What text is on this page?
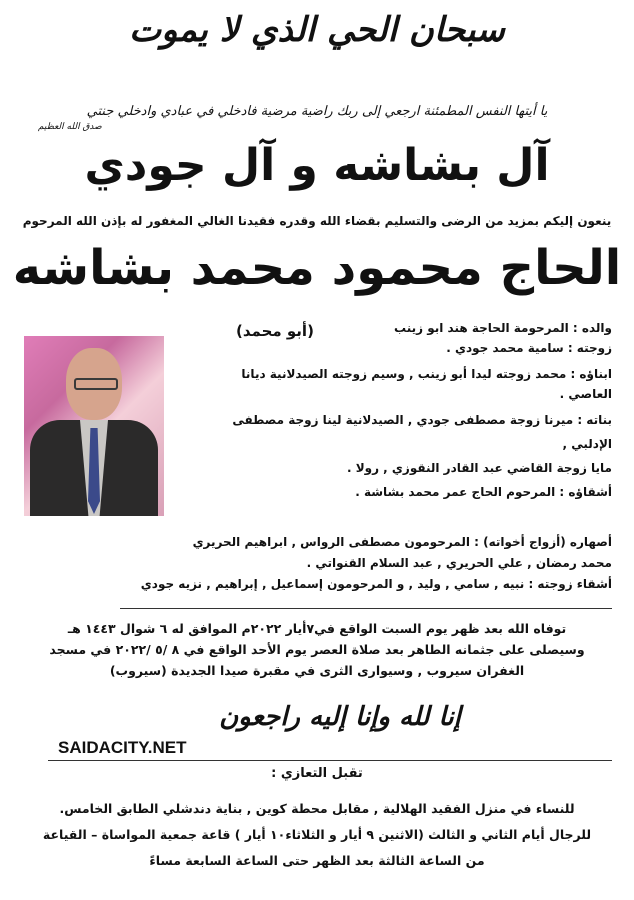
سبحان الحي الذي لا يموت
يا أيتها النفس المطمئنة ارجعي إلى ربك راضية مرضية فادخلي في عبادي وادخلي جنتي
صدق الله العظيم
آل بشاشه و آل جودي
ينعون إليكم بمزيد من الرضى والتسليم بقضاء الله وقدره فقيدنا الغالي المغفور له بإذن الله المرحوم
الحاج محمود محمد بشاشه
(أبو محمد)	والده : المرحومة الحاجة هند ابو زينب
زوجته : سامية محمد جودي .
ابناؤه : محمد زوجته ليدا أبو زينب , وسيم زوجته الصيدلانية ديانا
العاصي .
بناته : ميرنا زوجة مصطفى جودي , الصيدلانية لينا زوجة مصطفى
الإدلبي ,
مايا زوجة القاضي عبد القادر النقوزي , رولا .
أشقاؤه : المرحوم الحاج عمر محمد بشاشة .
أصهاره (أزواج أخواته) : المرحومون مصطفى الرواس , ابراهيم الحريري
محمد رمضان , علي الحريري , عبد السلام القنواتي .
أشقاء زوجته : نبيه , سامي , وليد , و المرحومون إسماعيل , إبراهيم , نزيه جودي
توفاه الله بعد ظهر يوم السبت الواقع في٧أيار ٢٠٢٢م الموافق له ٦ شوال ١٤٤٣ هـ
وسيصلى على جثمانه الطاهر بعد صلاة العصر يوم الأحد الواقع في ٨ /٥ /٢٠٢٢ في مسجد
الغفران سيروب , وسيوارى الثرى في مقبرة صيدا الجديدة (سيروب)
إنا لله وإنا إليه راجعون
SAIDACITY.NET
تقبل التعازي :
للنساء في منزل الفقيد الهلالية , مقابل محطة كوين , بناية دندشلي الطابق الخامس.
للرجال أيام الثاني و الثالث (الاثنين ٩ أيار و الثلاثاء١٠ أيار ) قاعة جمعية المواساة – القياعة
من الساعة الثالثة بعد الظهر حتى الساعة السابعة مساءً
